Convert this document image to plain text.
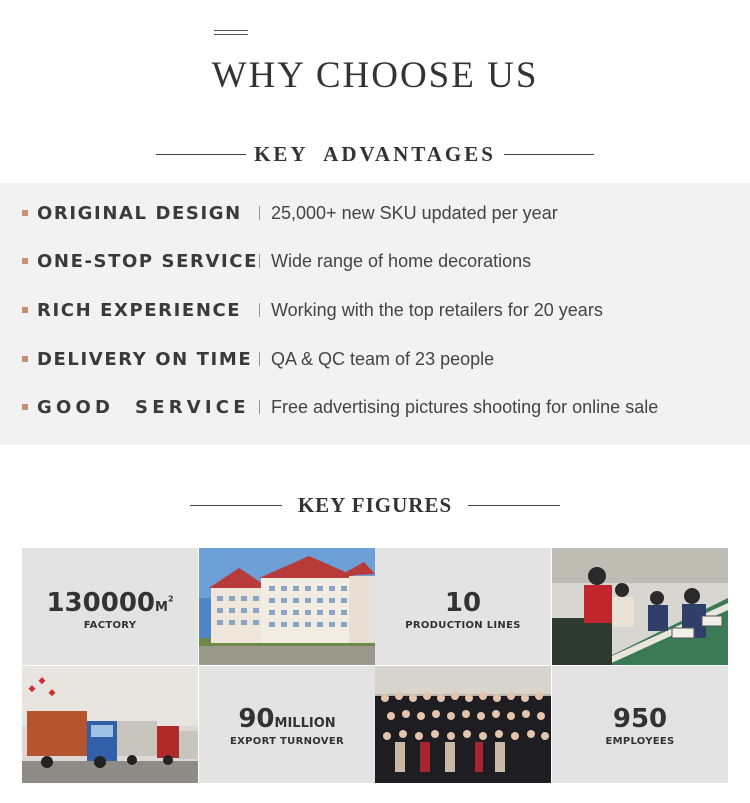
WHY CHOOSE US
KEY  ADVANTAGES
ORIGINAL DESIGN	25,000+ new SKU updated per year
ONE-STOP SERVICE Wide range of home decorations
RICH EXPERIENCE	Working with the top retailers for 20 years
DELIVERY ON TIME QA & QC team of 23 people
GOOD  SERVICE Free advertising pictures shooting for online sale
KEY FIGURES
$130000M^2$
FACTORY
10
PRODUCTION LINES
90MILLION
EXPORT TURNOVER
950
EMPLOYEES
